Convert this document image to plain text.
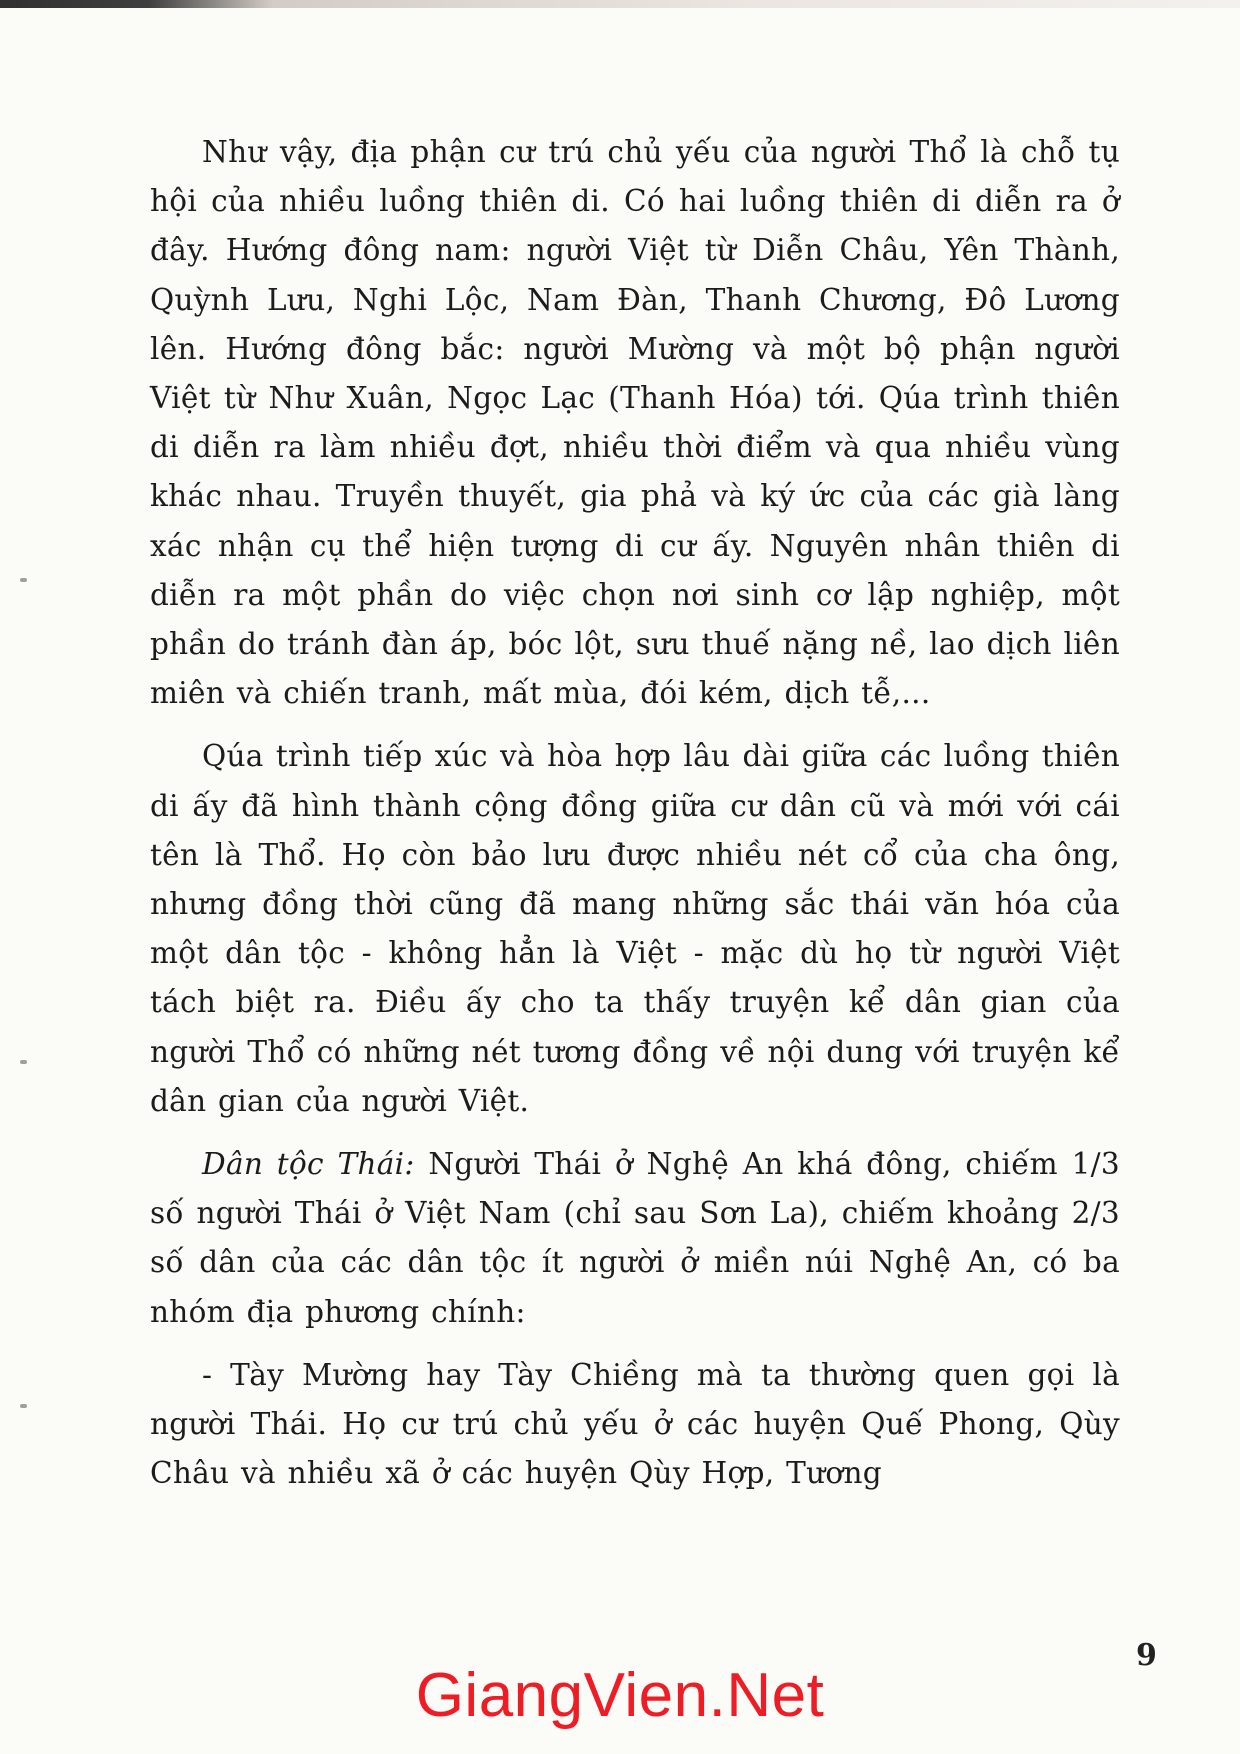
Như vậy, địa phận cư trú chủ yếu của người Thổ là chỗ tụ hội của nhiều luồng thiên di. Có hai luồng thiên di diễn ra ở đây. Hướng đông nam: người Việt từ Diễn Châu, Yên Thành, Quỳnh Lưu, Nghi Lộc, Nam Đàn, Thanh Chương, Đô Lương lên. Hướng đông bắc: người Mường và một bộ phận người Việt từ Như Xuân, Ngọc Lạc (Thanh Hóa) tới. Qúa trình thiên di diễn ra làm nhiều đợt, nhiều thời điểm và qua nhiều vùng khác nhau. Truyền thuyết, gia phả và ký ức của các già làng xác nhận cụ thể hiện tượng di cư ấy. Nguyên nhân thiên di diễn ra một phần do việc chọn nơi sinh cơ lập nghiệp, một phần do tránh đàn áp, bóc lột, sưu thuế nặng nề, lao dịch liên miên và chiến tranh, mất mùa, đói kém, dịch tễ,...

Qúa trình tiếp xúc và hòa hợp lâu dài giữa các luồng thiên di ấy đã hình thành cộng đồng giữa cư dân cũ và mới với cái tên là Thổ. Họ còn bảo lưu được nhiều nét cổ của cha ông, nhưng đồng thời cũng đã mang những sắc thái văn hóa của một dân tộc - không hẳn là Việt - mặc dù họ từ người Việt tách biệt ra. Điều ấy cho ta thấy truyện kể dân gian của người Thổ có những nét tương đồng về nội dung với truyện kể dân gian của người Việt.

Dân tộc Thái: Người Thái ở Nghệ An khá đông, chiếm 1/3 số người Thái ở Việt Nam (chỉ sau Sơn La), chiếm khoảng 2/3 số dân của các dân tộc ít người ở miền núi Nghệ An, có ba nhóm địa phương chính:

- Tày Mường hay Tày Chiềng mà ta thường quen gọi là người Thái. Họ cư trú chủ yếu ở các huyện Quế Phong, Qùy Châu và nhiều xã ở các huyện Qùy Hợp, Tương

9
GiangVien.Net
